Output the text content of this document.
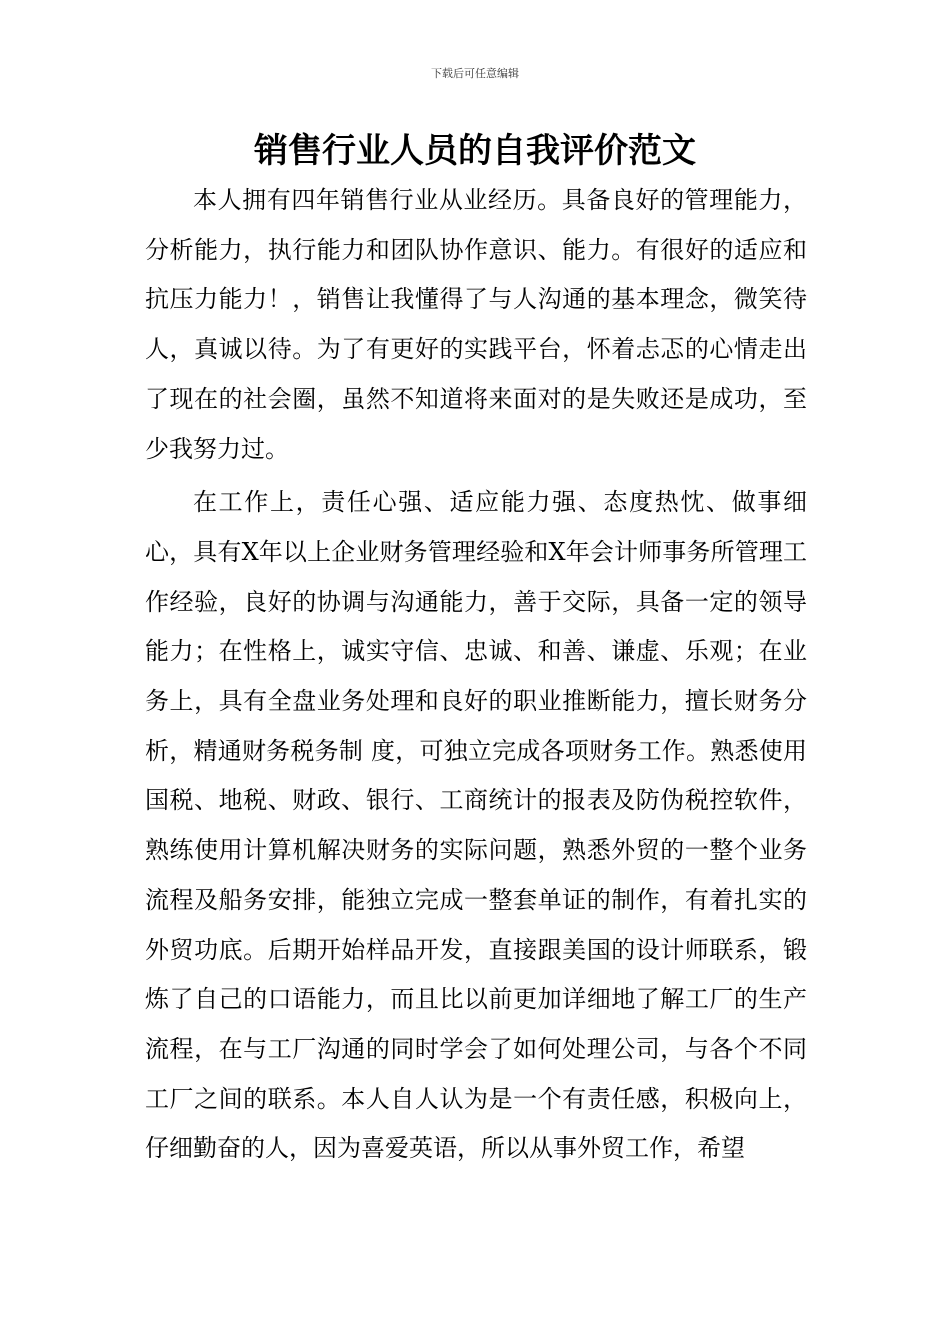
下载后可任意编辑
销售行业人员的自我评价范文

本人拥有四年销售行业从业经历。具备良好的管理能力，分析能力，执行能力和团队协作意识、能力。有很好的适应和抗压力能力！，销售让我懂得了与人沟通的基本理念，微笑待人，真诚以待。为了有更好的实践平台，怀着忐忑的心情走出了现在的社会圈，虽然不知道将来面对的是失败还是成功，至少我努力过。

在工作上，责任心强、适应能力强、态度热忱、做事细心，具有X年以上企业财务管理经验和X年会计师事务所管理工作经验，良好的协调与沟通能力，善于交际，具备一定的领导能力；在性格上，诚实守信、忠诚、和善、谦虚、乐观；在业务上，具有全盘业务处理和良好的职业推断能力，擅长财务分析，精通财务税务制 度，可独立完成各项财务工作。熟悉使用国税、地税、财政、银行、工商统计的报表及防伪税控软件，熟练使用计算机解决财务的实际问题，熟悉外贸的一整个业务流程及船务安排，能独立完成一整套单证的制作，有着扎实的外贸功底。后期开始样品开发，直接跟美国的设计师联系，锻炼了自己的口语能力，而且比以前更加详细地了解工厂的生产流程，在与工厂沟通的同时学会了如何处理公司，与各个不同工厂之间的联系。本人自人认为是一个有责任感，积极向上，仔细勤奋的人，因为喜爱英语，所以从事外贸工作，希望
